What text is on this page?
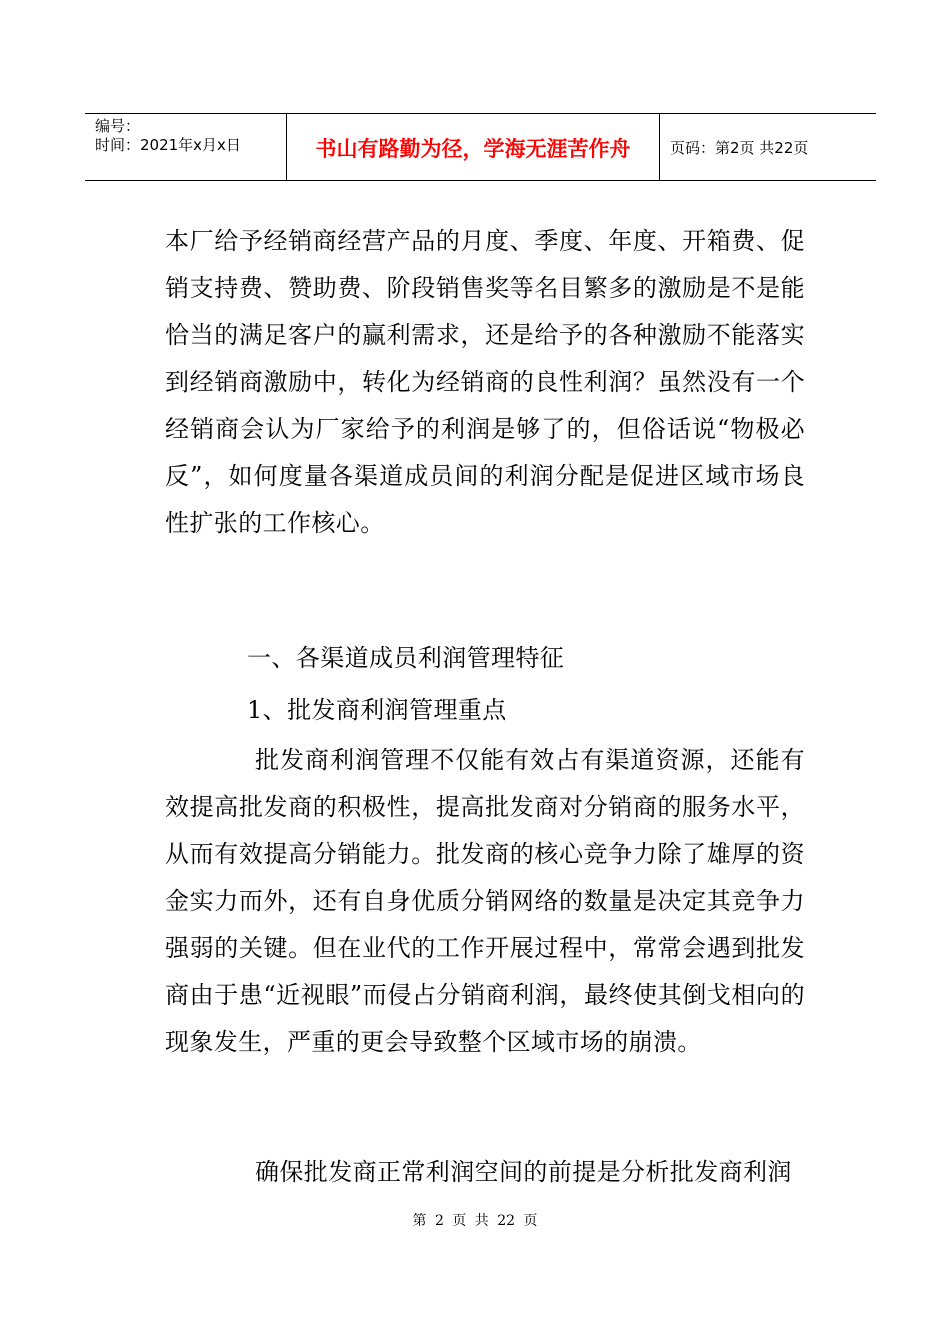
编号：
时间：2021年x月x日	书山有路勤为径，学海无涯苦作舟	页码：第2页 共22页
本厂给予经销商经营产品的月度、季度、年度、开箱费、促销支持费、赞助费、阶段销售奖等名目繁多的激励是不是能恰当的满足客户的赢利需求，还是给予的各种激励不能落实到经销商激励中，转化为经销商的良性利润？虽然没有一个经销商会认为厂家给予的利润是够了的，但俗话说“物极必反”，如何度量各渠道成员间的利润分配是促进区域市场良性扩张的工作核心。
一、各渠道成员利润管理特征
1、批发商利润管理重点
批发商利润管理不仅能有效占有渠道资源，还能有效提高批发商的积极性，提高批发商对分销商的服务水平，从而有效提高分销能力。批发商的核心竞争力除了雄厚的资金实力而外，还有自身优质分销网络的数量是决定其竞争力强弱的关键。但在业代的工作开展过程中，常常会遇到批发商由于患“近视眼”而侵占分销商利润，最终使其倒戈相向的现象发生，严重的更会导致整个区域市场的崩溃。
确保批发商正常利润空间的前提是分析批发商利润
第 2 页 共 22 页
